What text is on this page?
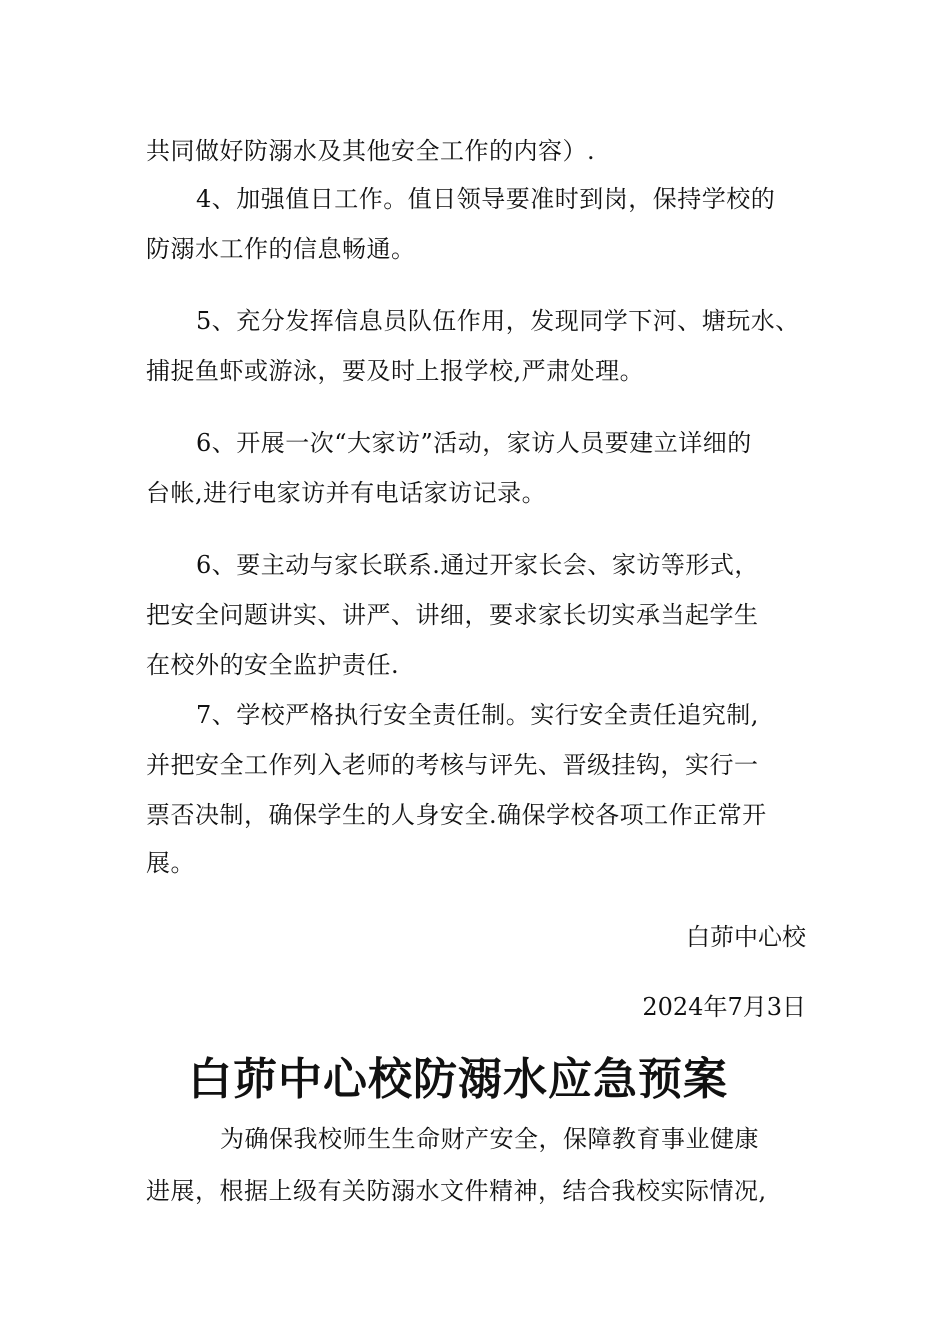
共同做好防溺水及其他安全工作的内容）.
4、加强值日工作。值日领导要准时到岗，保持学校的
防溺水工作的信息畅通。
5、充分发挥信息员队伍作用，发现同学下河、塘玩水、
捕捉鱼虾或游泳，要及时上报学校,严肃处理。
6、开展一次“大家访”活动，家访人员要建立详细的
台帐,进行电家访并有电话家访记录。
6、要主动与家长联系.通过开家长会、家访等形式，
把安全问题讲实、讲严、讲细，要求家长切实承当起学生
在校外的安全监护责任.
7、学校严格执行安全责任制。实行安全责任追究制,
并把安全工作列入老师的考核与评先、晋级挂钩，实行一
票否决制，确保学生的人身安全.确保学校各项工作正常开
展。
白茆中心校
2024年7月3日
白茆中心校防溺水应急预案
为确保我校师生生命财产安全，保障教育事业健康
进展，根据上级有关防溺水文件精神，结合我校实际情况,
